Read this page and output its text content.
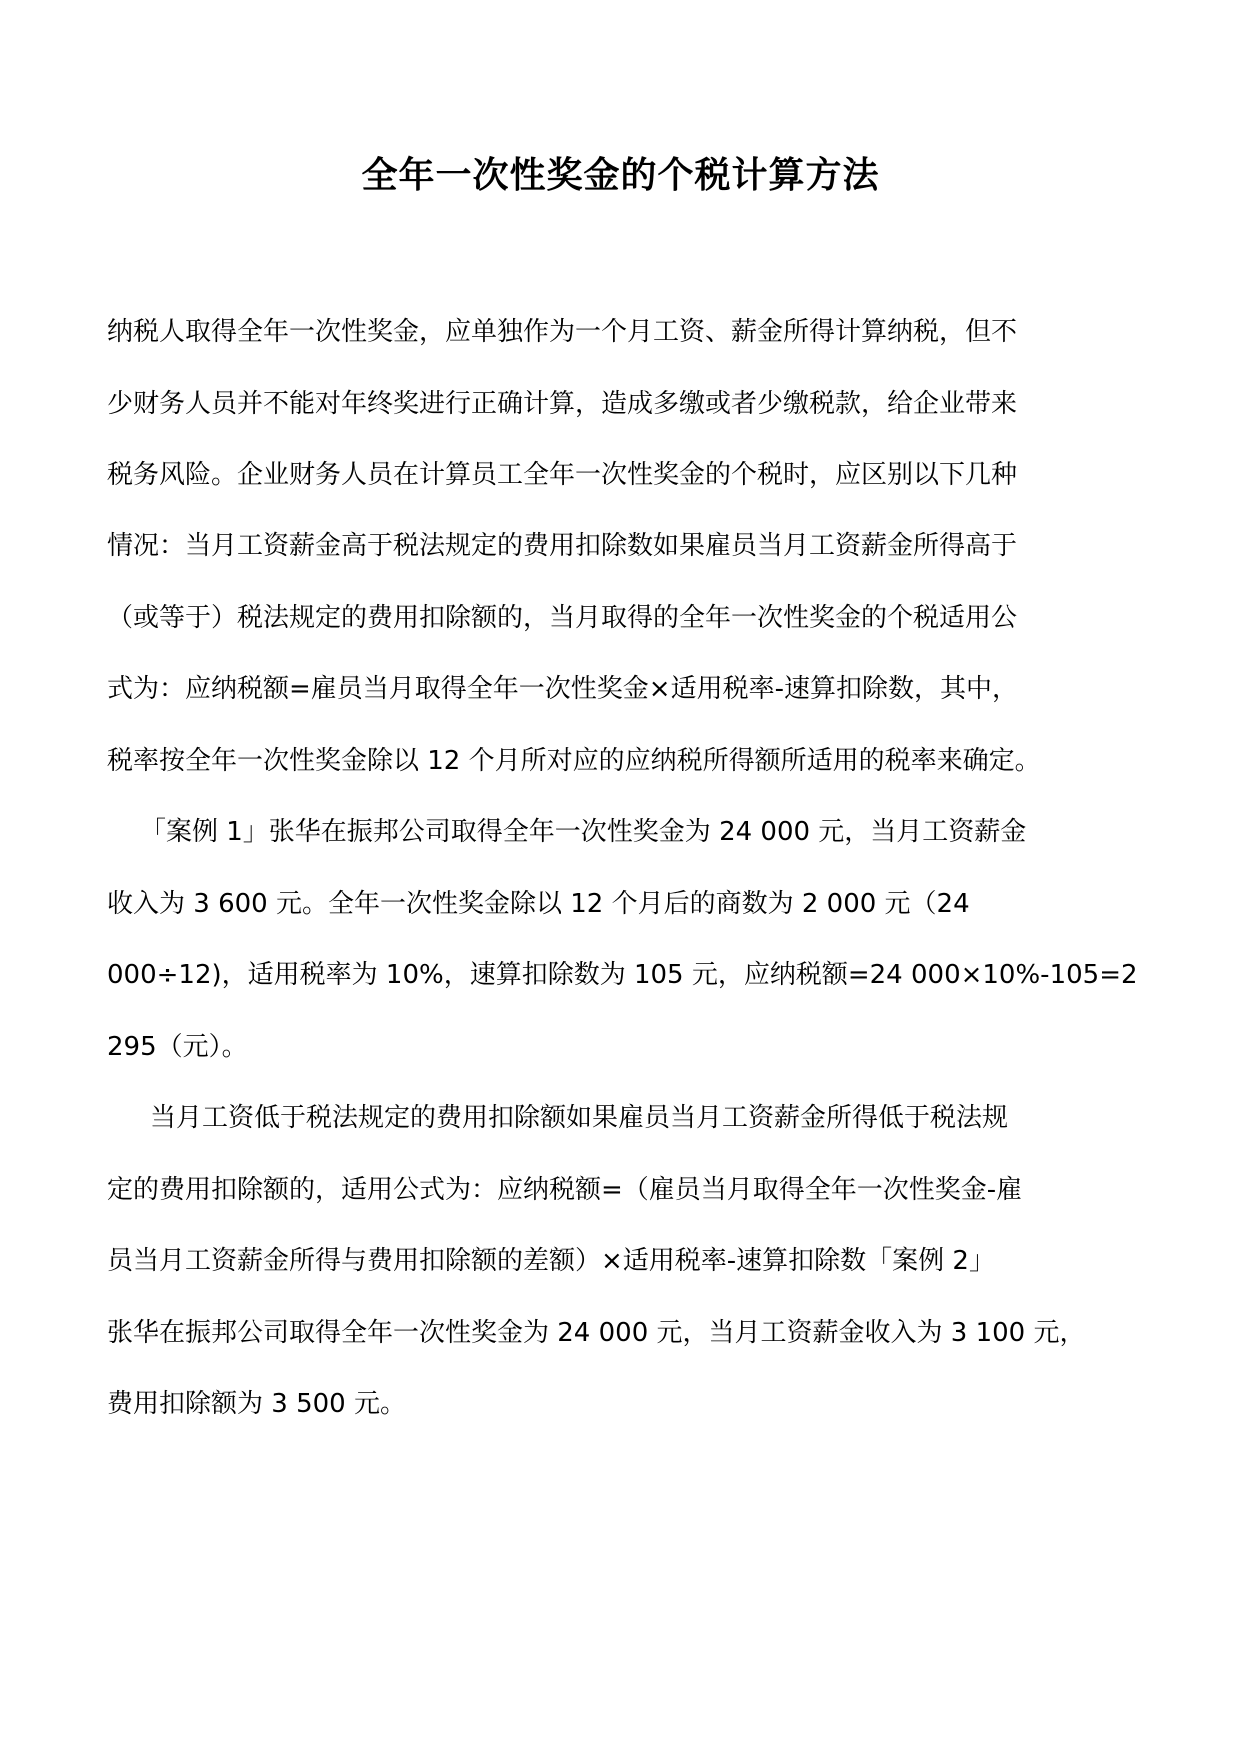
全年一次性奖金的个税计算方法
纳税人取得全年一次性奖金，应单独作为一个月工资、薪金所得计算纳税，但不
少财务人员并不能对年终奖进行正确计算，造成多缴或者少缴税款，给企业带来
税务风险。企业财务人员在计算员工全年一次性奖金的个税时，应区别以下几种
情况：当月工资薪金高于税法规定的费用扣除数如果雇员当月工资薪金所得高于
（或等于）税法规定的费用扣除额的，当月取得的全年一次性奖金的个税适用公
式为：应纳税额=雇员当月取得全年一次性奖金×适用税率-速算扣除数，其中，
税率按全年一次性奖金除以 12 个月所对应的应纳税所得额所适用的税率来确定。
「案例 1」张华在振邦公司取得全年一次性奖金为 24 000 元，当月工资薪金
收入为 3 600 元。全年一次性奖金除以 12 个月后的商数为 2 000 元（24
000÷12)，适用税率为 10%，速算扣除数为 105 元，应纳税额=24 000×10%-105=2
295（元）。
当月工资低于税法规定的费用扣除额如果雇员当月工资薪金所得低于税法规
定的费用扣除额的，适用公式为：应纳税额=（雇员当月取得全年一次性奖金-雇
员当月工资薪金所得与费用扣除额的差额）×适用税率-速算扣除数「案例 2」
张华在振邦公司取得全年一次性奖金为 24 000 元，当月工资薪金收入为 3 100 元，
费用扣除额为 3 500 元。
